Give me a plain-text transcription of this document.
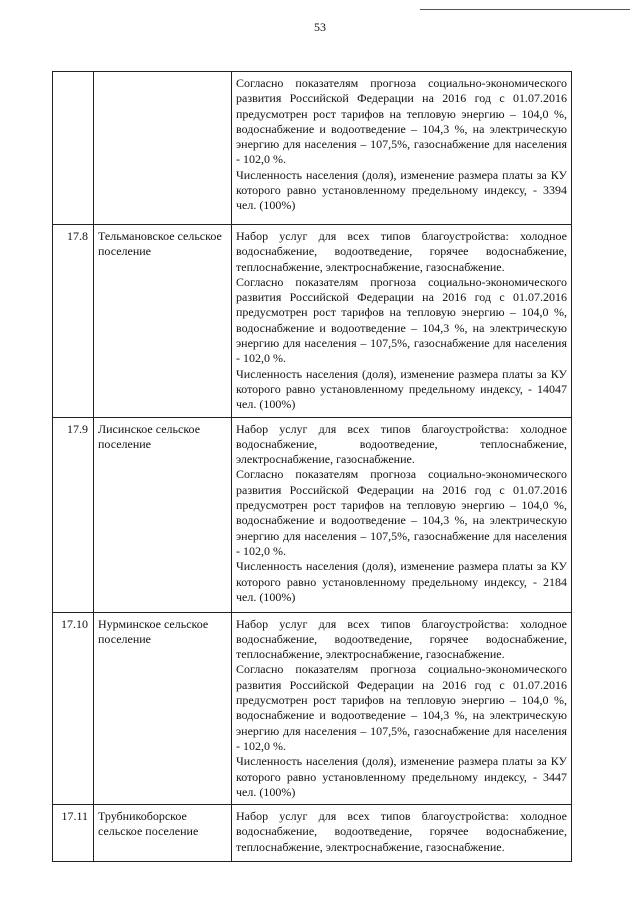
53

		Согласно показателям прогноза социально-экономического развития Российской Федерации на 2016 год с 01.07.2016 предусмотрен рост тарифов на тепловую энергию – 104,0 %, водоснабжение и водоотведение – 104,3 %, на электрическую энергию для населения – 107,5%, газоснабжение для населения - 102,0 %.

Численность населения (доля), изменение размера платы за КУ которого равно установленному предельному индексу, - 3394 чел. (100%)

17.8	Тельмановское сельское поселение	Набор услуг для всех типов благоустройства: холодное водоснабжение, водоотведение, горячее водоснабжение, теплоснабжение, электроснабжение, газоснабжение.

Согласно показателям прогноза социально-экономического развития Российской Федерации на 2016 год с 01.07.2016 предусмотрен рост тарифов на тепловую энергию – 104,0 %, водоснабжение и водоотведение – 104,3 %, на электрическую энергию для населения – 107,5%, газоснабжение для населения - 102,0 %.

Численность населения (доля), изменение размера платы за КУ которого равно установленному предельному индексу, - 14047 чел. (100%)

17.9	Лисинское сельское поселение	Набор услуг для всех типов благоустройства: холодное водоснабжение, водоотведение, теплоснабжение, электроснабжение, газоснабжение.

Согласно показателям прогноза социально-экономического развития Российской Федерации на 2016 год с 01.07.2016 предусмотрен рост тарифов на тепловую энергию – 104,0 %, водоснабжение и водоотведение – 104,3 %, на электрическую энергию для населения – 107,5%, газоснабжение для населения - 102,0 %.

Численность населения (доля), изменение размера платы за КУ которого равно установленному предельному индексу, - 2184 чел. (100%)

17.10	Нурминское сельское поселение	Набор услуг для всех типов благоустройства: холодное водоснабжение, водоотведение, горячее водоснабжение, теплоснабжение, электроснабжение, газоснабжение.

Согласно показателям прогноза социально-экономического развития Российской Федерации на 2016 год с 01.07.2016 предусмотрен рост тарифов на тепловую энергию – 104,0 %, водоснабжение и водоотведение – 104,3 %, на электрическую энергию для населения – 107,5%, газоснабжение для населения - 102,0 %.

Численность населения (доля), изменение размера платы за КУ которого равно установленному предельному индексу, - 3447 чел. (100%)

17.11	Трубникоборское сельское поселение	Набор услуг для всех типов благоустройства: холодное водоснабжение, водоотведение, горячее водоснабжение, теплоснабжение, электроснабжение, газоснабжение.
